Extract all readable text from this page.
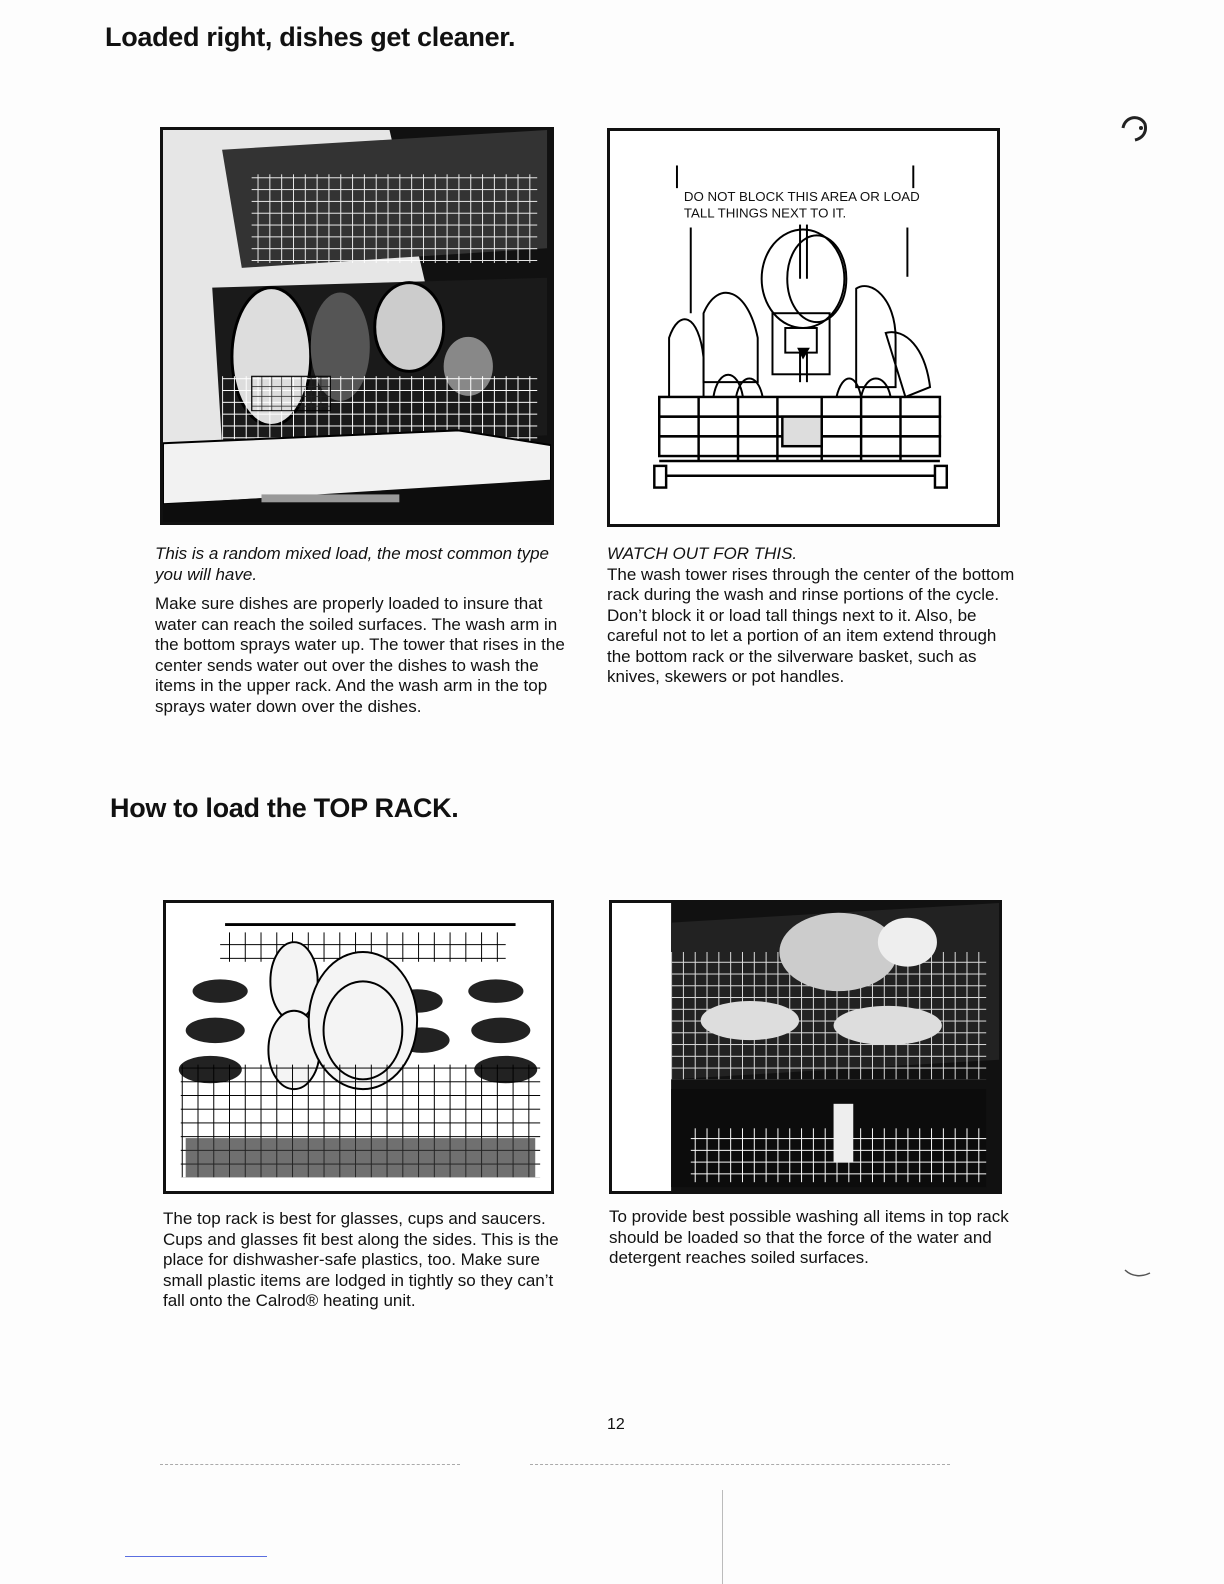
Loaded right, dishes get cleaner.
DO NOT BLOCK THIS AREA OR LOAD TALL THINGS NEXT TO IT.
This is a random mixed load, the most common type you will have.
Make sure dishes are properly loaded to insure that water can reach the soiled surfaces. The wash arm in the bottom sprays water up. The tower that rises in the center sends water out over the dishes to wash the items in the upper rack. And the wash arm in the top sprays water down over the dishes.
WATCH OUT FOR THIS.
The wash tower rises through the center of the bottom rack during the wash and rinse portions of the cycle. Don’t block it or load tall things next to it. Also, be careful not to let a portion of an item extend through the bottom rack or the silverware basket, such as knives, skewers or pot handles.
How to load the TOP RACK.
The top rack is best for glasses, cups and saucers. Cups and glasses fit best along the sides. This is the place for dishwasher-safe plastics, too. Make sure small plastic items are lodged in tightly so they can’t fall onto the Calrod® heating unit.
To provide best possible washing all items in top rack should be loaded so that the force of the water and detergent reaches soiled surfaces.
12
